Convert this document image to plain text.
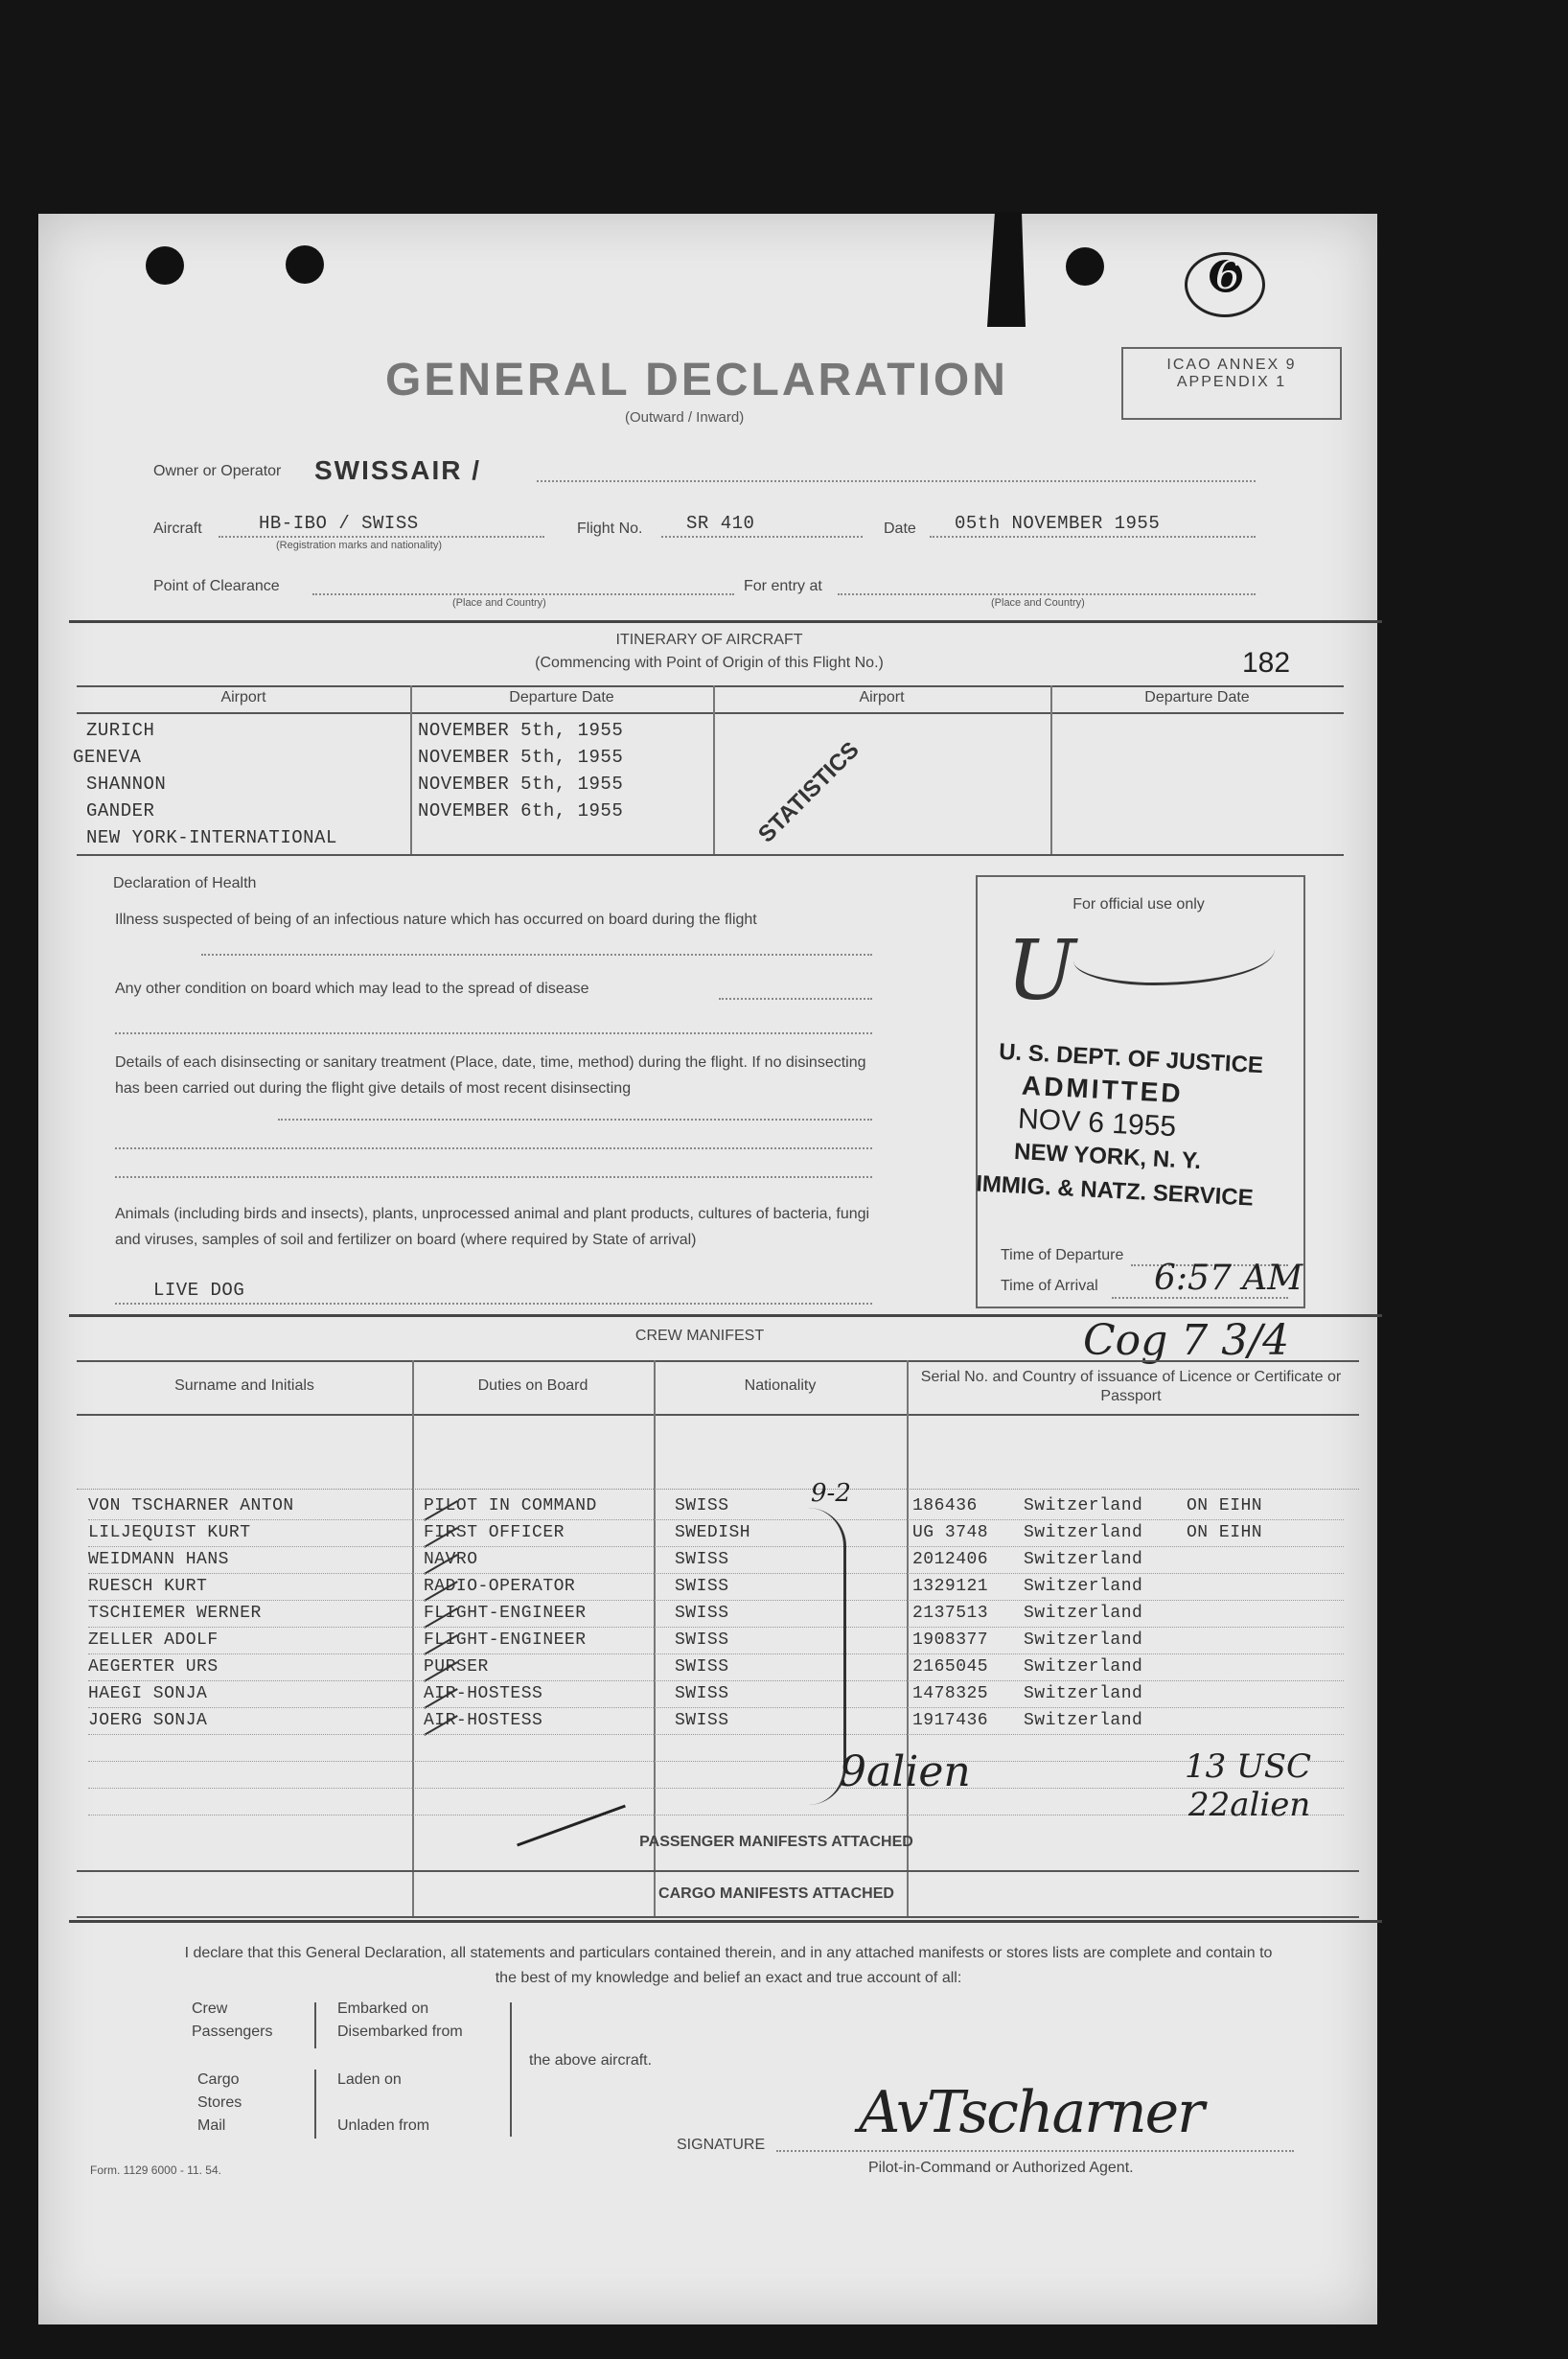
6
GENERAL DECLARATION
(Outward / Inward)
ICAO ANNEX 9
APPENDIX 1
Owner or Operator SWISSAIR /
Aircraft	HB-IBO / SWISS
(Registration marks and nationality)
Flight No. SR 410	Date 05th NOVEMBER 1955
Point of Clearance
(Place and Country)
For entry at
(Place and Country)
ITINERARY OF AIRCRAFT
(Commencing with Point of Origin of this Flight No.)	182
Airport	Departure Date	Airport	Departure Date
ZURICH	NOVEMBER 5th, 1955
GENEVA	NOVEMBER 5th, 1955
SHANNON	NOVEMBER 5th, 1955
GANDER	NOVEMBER 6th, 1955
NEW YORK-INTERNATIONAL	STATISTICS
Declaration of Health
Illness suspected of being of an infectious nature which has occurred on board during the flight
Any other condition on board which may lead to the spread of disease
Details of each disinsecting or sanitary treatment (Place, date, time, method) during the flight. If no disinsecting has been carried out during the flight give details of most recent disinsecting
Animals (including birds and insects), plants, unprocessed animal and plant products, cultures of bacteria, fungi and viruses, samples of soil and fertilizer on board (where required by State of arrival)
LIVE DOG
For official use only
U
U. S. DEPT. OF JUSTICE
ADMITTED
NOV 6 1955
NEW YORK, N. Y.
IMMIG. & NATZ. SERVICE
Time of Departure
Time of Arrival 6:57 AM
CREW MANIFEST	Cog 7 3/4
Surname and Initials	Duties on Board	Nationality
Serial No. and Country of issuance of Licence or Certificate or Passport
VON TSCHARNER ANTON	PILOT IN COMMAND	SWISS	186436	Switzerland	ON EIHN
LILJEQUIST KURT	FIRST OFFICER	SWEDISH	UG 3748 Switzerland	ON EIHN
WEIDMANN HANS	NAVRO	SWISS	2012406 Switzerland
RUESCH KURT	RADIO-OPERATOR	SWISS	1329121 Switzerland
TSCHIEMER WERNER	FLIGHT-ENGINEER	SWISS	2137513 Switzerland
ZELLER ADOLF	FLIGHT-ENGINEER	SWISS	1908377 Switzerland
AEGERTER URS	PURSER	SWISS	2165045 Switzerland
HAEGI SONJA	AIR-HOSTESS	SWISS	1478325 Switzerland
JOERG SONJA	AIR-HOSTESS	SWISS	1917436 Switzerland
9-2
9alien	13 USC
22alien
PASSENGER MANIFESTS ATTACHED
CARGO MANIFESTS ATTACHED
I declare that this General Declaration, all statements and particulars contained therein, and in any attached manifests or stores lists are complete and contain to the best of my knowledge and belief an exact and true account of all:
Crew
Passengers
Cargo
Stores
Mail
Embarked on
Disembarked from
Laden on
Unladen from
the above aircraft.
SIGNATURE AvTscharner
Pilot-in-Command or Authorized Agent.
Form. 1129 6000 - 11. 54.
